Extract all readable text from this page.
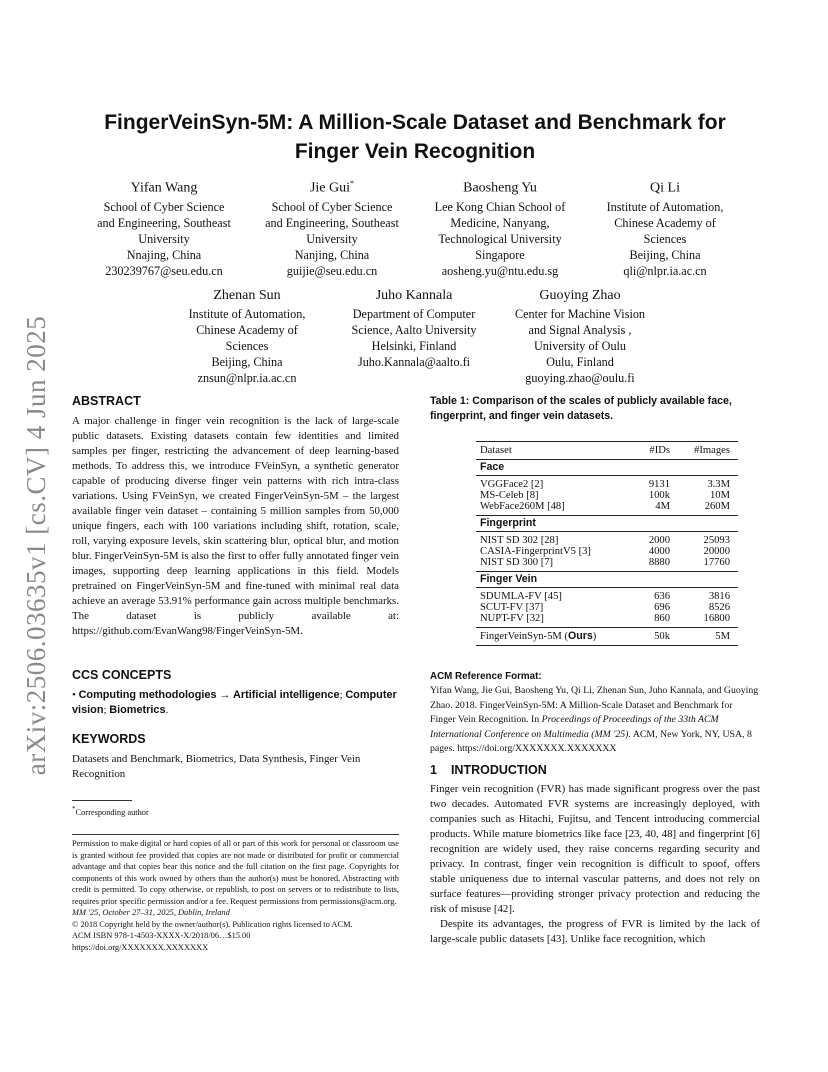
arXiv:2506.03635v1 [cs.CV] 4 Jun 2025
FingerVeinSyn-5M: A Million-Scale Dataset and Benchmark for Finger Vein Recognition
Yifan Wang
School of Cyber Science
and Engineering, Southeast
University
Nnajing, China
230239767@seu.edu.cn
Jie Gui*
School of Cyber Science
and Engineering, Southeast
University
Nanjing, China
guijie@seu.edu.cn
Baosheng Yu
Lee Kong Chian School of
Medicine, Nanyang,
Technological University
Singapore
aosheng.yu@ntu.edu.sg
Qi Li
Institute of Automation,
Chinese Academy of
Sciences
Beijing, China
qli@nlpr.ia.ac.cn
Zhenan Sun
Institute of Automation,
Chinese Academy of
Sciences
Beijing, China
znsun@nlpr.ia.ac.cn
Juho Kannala
Department of Computer
Science, Aalto University
Helsinki, Finland
Juho.Kannala@aalto.fi
Guoying Zhao
Center for Machine Vision
and Signal Analysis ,
University of Oulu
Oulu, Finland
guoying.zhao@oulu.fi
ABSTRACT
A major challenge in finger vein recognition is the lack of large-scale public datasets. Existing datasets contain few identities and limited samples per finger, restricting the advancement of deep learning-based methods. To address this, we introduce FVeinSyn, a synthetic generator capable of producing diverse finger vein patterns with rich intra-class variations. Using FVeinSyn, we created FingerVeinSyn-5M – the largest available finger vein dataset – containing 5 million samples from 50,000 unique fingers, each with 100 variations including shift, rotation, scale, roll, varying exposure levels, skin scattering blur, optical blur, and motion blur. FingerVeinSyn-5M is also the first to offer fully annotated finger vein images, supporting deep learning applications in this field. Models pretrained on FingerVeinSyn-5M and fine-tuned with minimal real data achieve an average 53.91% performance gain across multiple benchmarks. The dataset is publicly available at: https://github.com/EvanWang98/FingerVeinSyn-5M.
CCS CONCEPTS
• Computing methodologies → Artificial intelligence; Computer vision; Biometrics.
KEYWORDS
Datasets and Benchmark, Biometrics, Data Synthesis, Finger Vein Recognition
*Corresponding author
Permission to make digital or hard copies of all or part of this work for personal or classroom use is granted without fee provided that copies are not made or distributed for profit or commercial advantage and that copies bear this notice and the full citation on the first page. Copyrights for components of this work owned by others than the author(s) must be honored. Abstracting with credit is permitted. To copy otherwise, or republish, to post on servers or to redistribute to lists, requires prior specific permission and/or a fee. Request permissions from permissions@acm.org.
MM '25, October 27–31, 2025, Dublin, Ireland
© 2018 Copyright held by the owner/author(s). Publication rights licensed to ACM.
ACM ISBN 978-1-4503-XXXX-X/2018/06…$15.00
https://doi.org/XXXXXXX.XXXXXXX
Table 1: Comparison of the scales of publicly available face, fingerprint, and finger vein datasets.
Dataset	#IDs	#Images
Face		
VGGFace2 [2]	9131	3.3M
MS-Celeb [8]	100k	10M
WebFace260M [48]	4M	260M
Fingerprint		
NIST SD 302 [28]	2000	25093
CASIA-FingerprintV5 [3]	4000	20000
NIST SD 300 [7]	8880	17760
Finger Vein		
SDUMLA-FV [45]	636	3816
SCUT-FV [37]	696	8526
NUPT-FV [32]	860	16800
FingerVeinSyn-5M (Ours)	50k	5M
ACM Reference Format:
Yifan Wang, Jie Gui, Baosheng Yu, Qi Li, Zhenan Sun, Juho Kannala, and Guoying Zhao. 2018. FingerVeinSyn-5M: A Million-Scale Dataset and Benchmark for Finger Vein Recognition. In Proceedings of Proceedings of the 33th ACM International Conference on Multimedia (MM '25). ACM, New York, NY, USA, 8 pages. https://doi.org/XXXXXXX.XXXXXXX
1 INTRODUCTION
Finger vein recognition (FVR) has made significant progress over the past two decades. Automated FVR systems are increasingly deployed, with companies such as Hitachi, Fujitsu, and Tencent introducing commercial products. While mature biometrics like face [23, 40, 48] and fingerprint [6] recognition are widely used, they raise concerns regarding security and privacy. In contrast, finger vein recognition is difficult to spoof, offers stable uniqueness due to internal vascular patterns, and does not rely on surface features—providing stronger privacy protection and reducing the risk of misuse [42].
Despite its advantages, the progress of FVR is limited by the lack of large-scale public datasets [43]. Unlike face recognition, which
